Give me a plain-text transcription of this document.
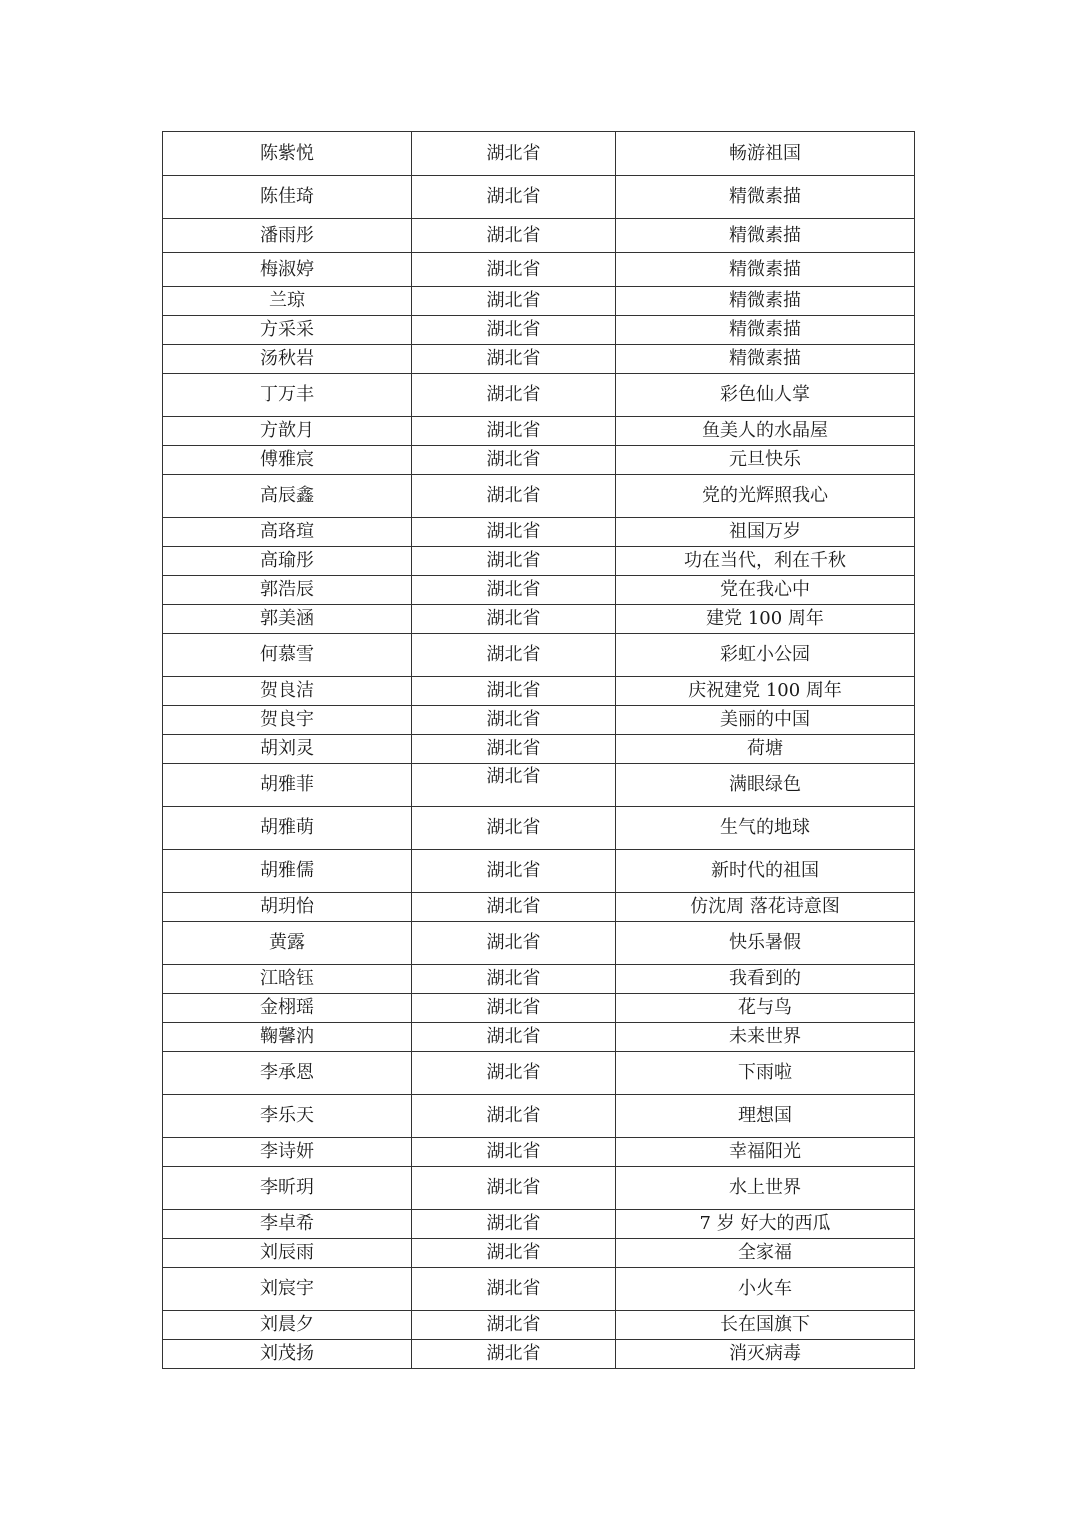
陈紫悦	湖北省	畅游祖国
陈佳琦	湖北省	精微素描
潘雨彤	湖北省	精微素描
梅淑婷	湖北省	精微素描
兰琼	湖北省	精微素描
方采采	湖北省	精微素描
汤秋岩	湖北省	精微素描
丁万丰	湖北省	彩色仙人掌
方歆月	湖北省	鱼美人的水晶屋
傅雅宸	湖北省	元旦快乐
高辰鑫	湖北省	党的光辉照我心
高珞瑄	湖北省	祖国万岁
高瑜彤	湖北省	功在当代，利在千秋
郭浩辰	湖北省	党在我心中
郭美涵	湖北省	建党 100 周年
何慕雪	湖北省	彩虹小公园
贺良洁	湖北省	庆祝建党 100 周年
贺良宇	湖北省	美丽的中国
胡刘灵	湖北省	荷塘
胡雅菲	湖北省	满眼绿色
胡雅萌	湖北省	生气的地球
胡雅儒	湖北省	新时代的祖国
胡玥怡	湖北省	仿沈周 落花诗意图
黄露	湖北省	快乐暑假
江晗钰	湖北省	我看到的
金栩瑶	湖北省	花与鸟
鞠馨汭	湖北省	未来世界
李承恩	湖北省	下雨啦
李乐天	湖北省	理想国
李诗妍	湖北省	幸福阳光
李昕玥	湖北省	水上世界
李卓希	湖北省	7 岁 好大的西瓜
刘辰雨	湖北省	全家福
刘宸宇	湖北省	小火车
刘晨夕	湖北省	长在国旗下
刘茂扬	湖北省	消灭病毒
